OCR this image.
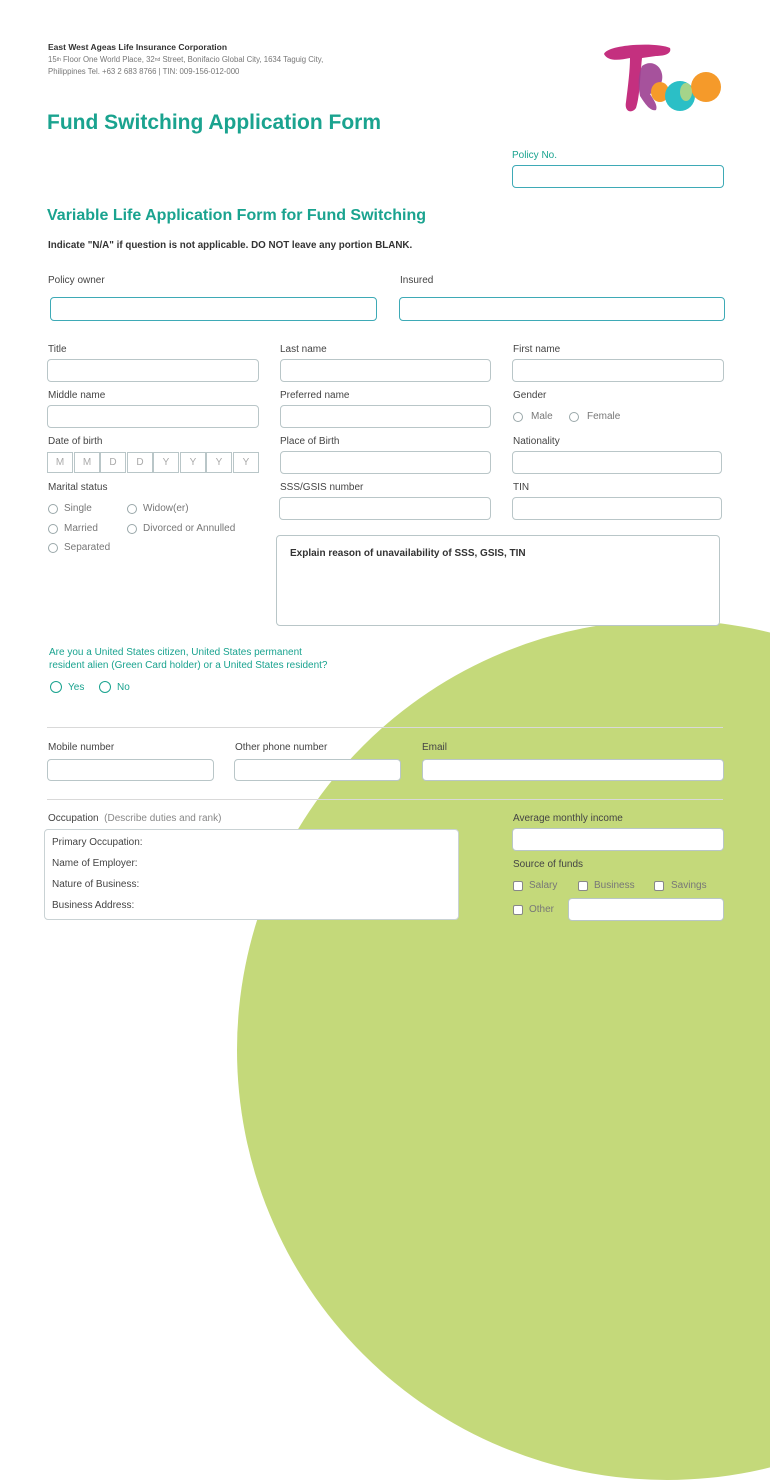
East West Ageas Life Insurance Corporation
15th Floor One World Place, 32nd Street, Bonifacio Global City, 1634 Taguig City,
Philippines Tel. +63 2 683 8766 | TIN: 009-156-012-000
Fund Switching Application Form
Policy No.
Variable Life Application Form for Fund Switching
Indicate "N/A" if question is not applicable. DO NOT leave any portion BLANK.
Policy owner	Insured
Title	Last name	First name
Middle name	Preferred name	Gender
Male	Female
Date of birth	Place of Birth	Nationality
M	M	D	D	Y	Y	Y	Y
Marital status	SSS/GSIS number	TIN
Single	Widow(er)
Married	Divorced or Annulled
Separated
Explain reason of unavailability of SSS, GSIS, TIN
Are you a United States citizen, United States permanent
resident alien (Green Card holder) or a United States resident?
Yes	No
Mobile number	Other phone number	Email
Occupation (Describe duties and rank)
Primary Occupation:
Name of Employer:
Nature of Business:
Business Address:
Average monthly income
Source of funds
Salary	Business	Savings
Other
